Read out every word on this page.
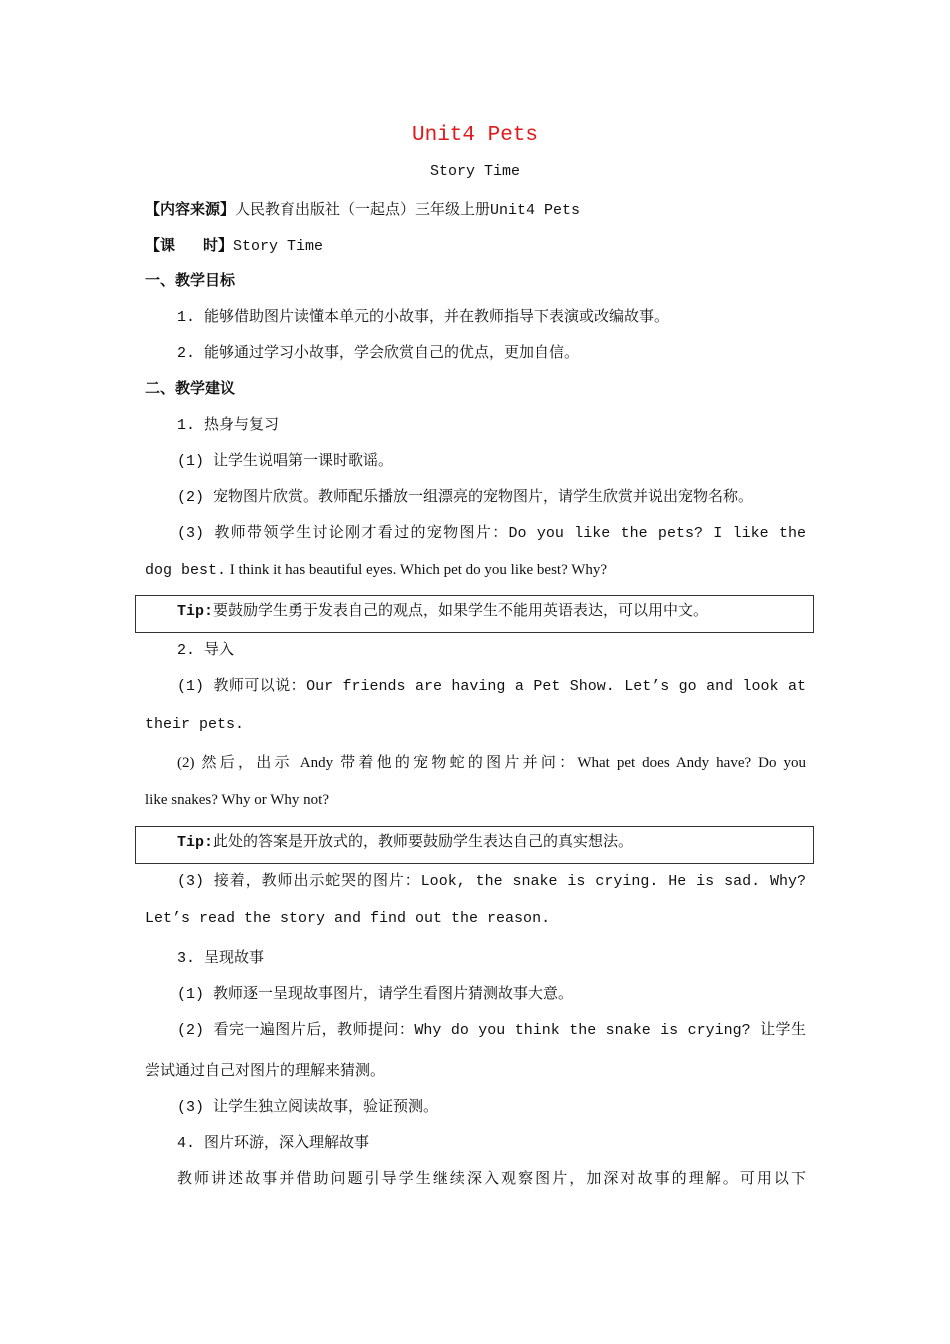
Unit4 Pets
Story Time
【内容来源】人民教育出版社（一起点）三年级上册Unit4 Pets
【课 时】Story Time
一、教学目标
1. 能够借助图片读懂本单元的小故事，并在教师指导下表演或改编故事。
2. 能够通过学习小故事，学会欣赏自己的优点，更加自信。
二、教学建议
1. 热身与复习
(1) 让学生说唱第一课时歌谣。
(2) 宠物图片欣赏。教师配乐播放一组漂亮的宠物图片，请学生欣赏并说出宠物名称。
(3) 教师带领学生讨论刚才看过的宠物图片：Do you like the pets? I like the
dog best. I think it has beautiful eyes. Which pet do you like best? Why?
Tip:要鼓励学生勇于发表自己的观点，如果学生不能用英语表达，可以用中文。
2. 导入
(1) 教师可以说：Our friends are having a Pet Show. Let’s go and look at
their pets.
(2) 然后，出示 Andy 带着他的宠物蛇的图片并问：What pet does Andy have? Do you
like snakes? Why or Why not?
Tip:此处的答案是开放式的，教师要鼓励学生表达自己的真实想法。
(3) 接着，教师出示蛇哭的图片：Look, the snake is crying. He is sad. Why?
Let’s read the story and find out the reason.
3. 呈现故事
(1) 教师逐一呈现故事图片，请学生看图片猜测故事大意。
(2) 看完一遍图片后，教师提问：Why do you think the snake is crying? 让学生
尝试通过自己对图片的理解来猜测。
(3) 让学生独立阅读故事，验证预测。
4. 图片环游，深入理解故事
教师讲述故事并借助问题引导学生继续深入观察图片，加深对故事的理解。可用以下
